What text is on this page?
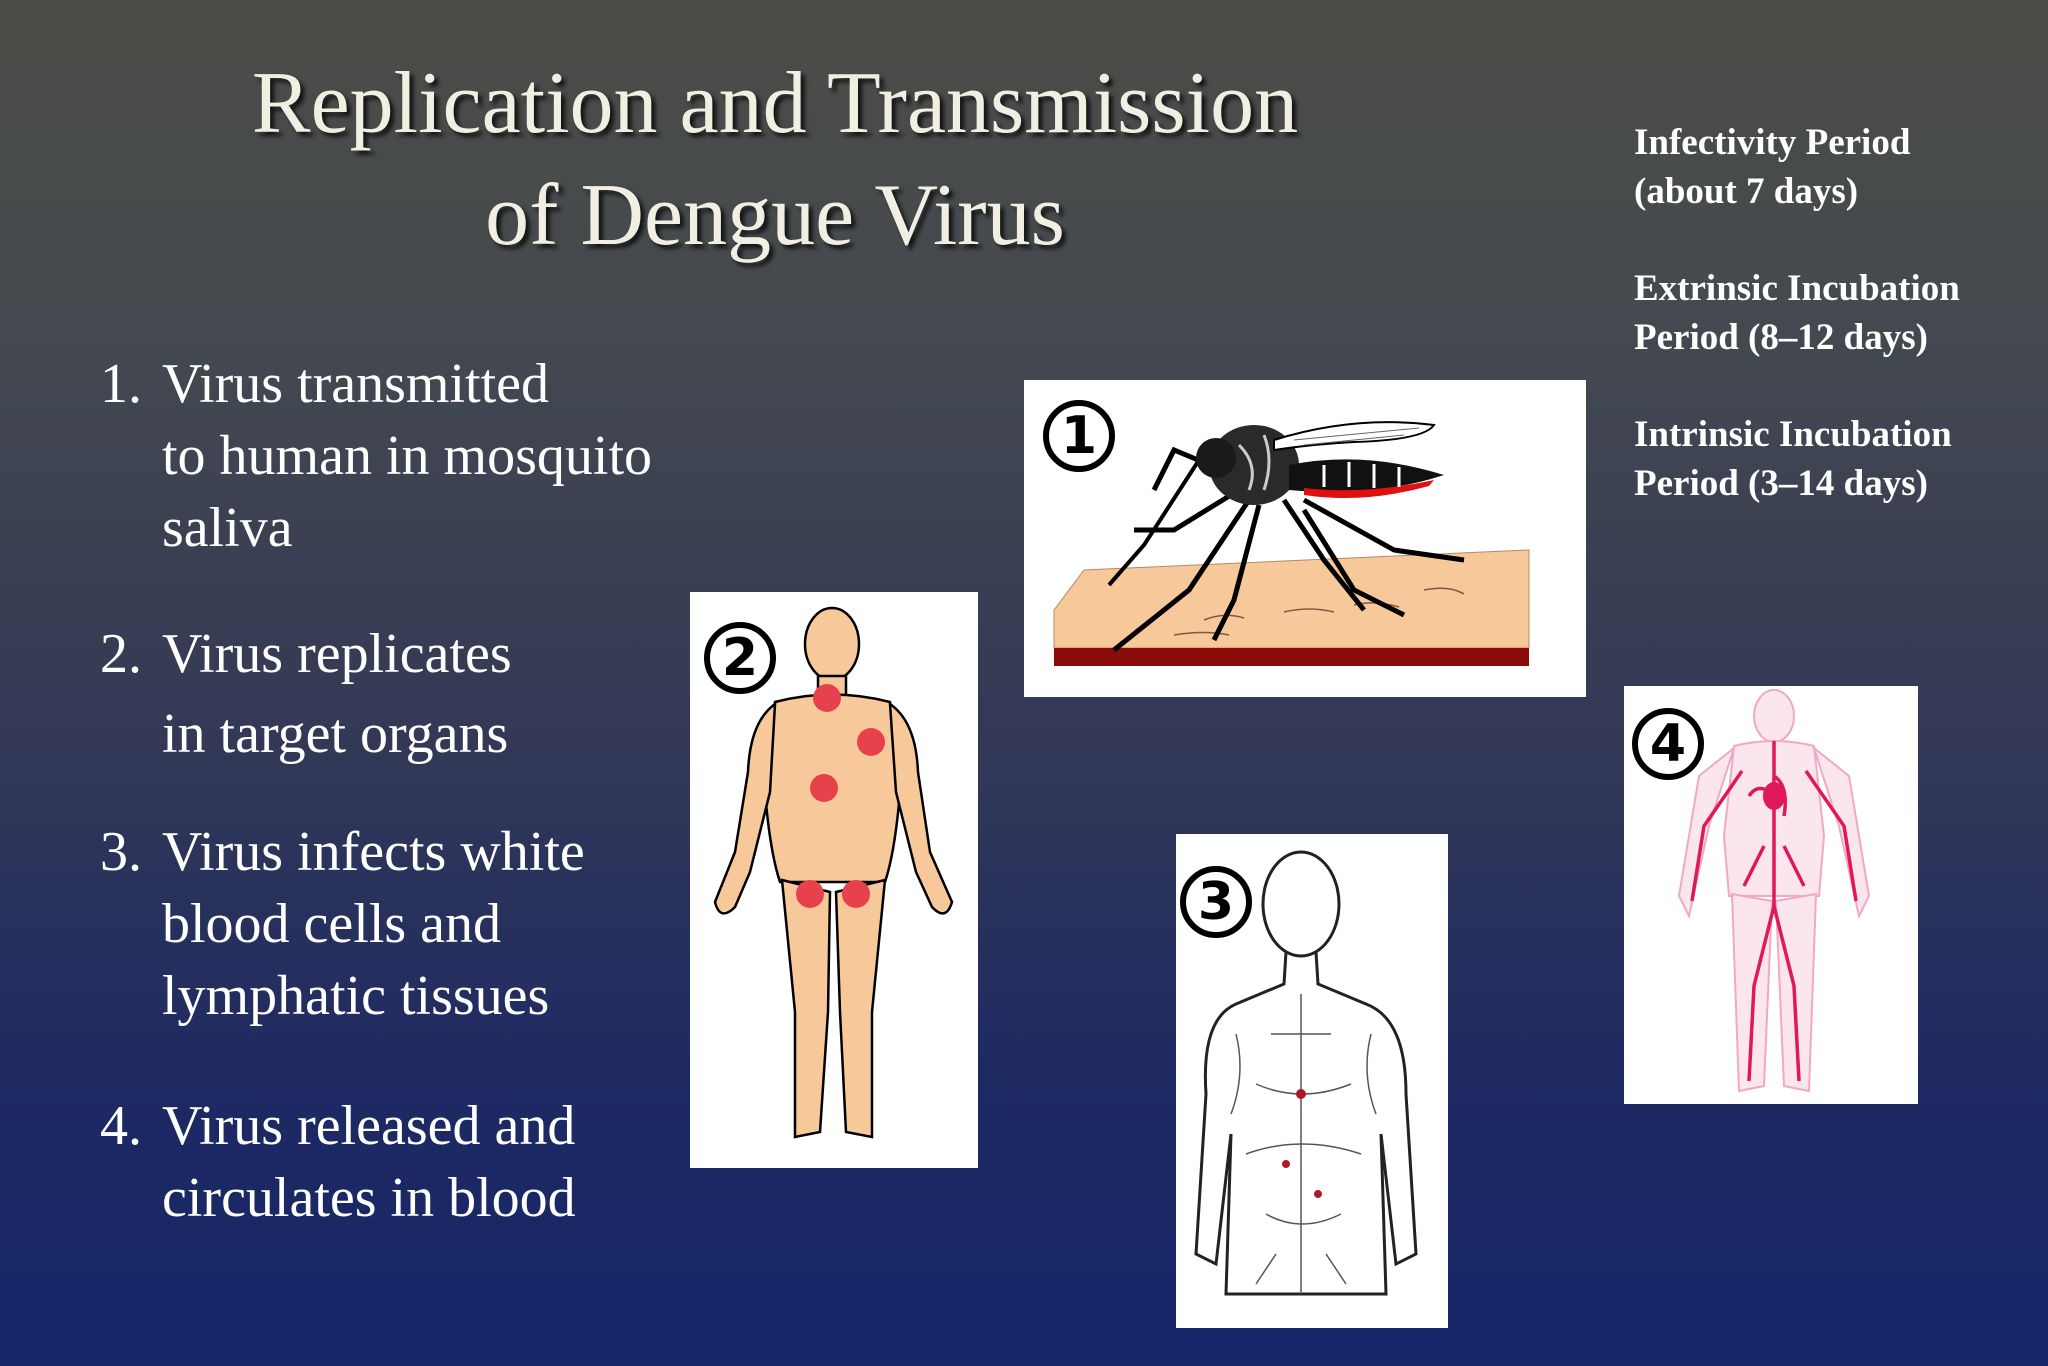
Replication and Transmission
of Dengue Virus
1. Virus transmitted
to human in mosquito
saliva
2. Virus replicates
in target organs
3. Virus infects white
blood cells and
lymphatic tissues
4. Virus released and
circulates in blood
Infectivity Period
(about 7 days)
Extrinsic Incubation
Period (8–12 days)
Intrinsic Incubation
Period (3–14 days)
1
2
3
4
